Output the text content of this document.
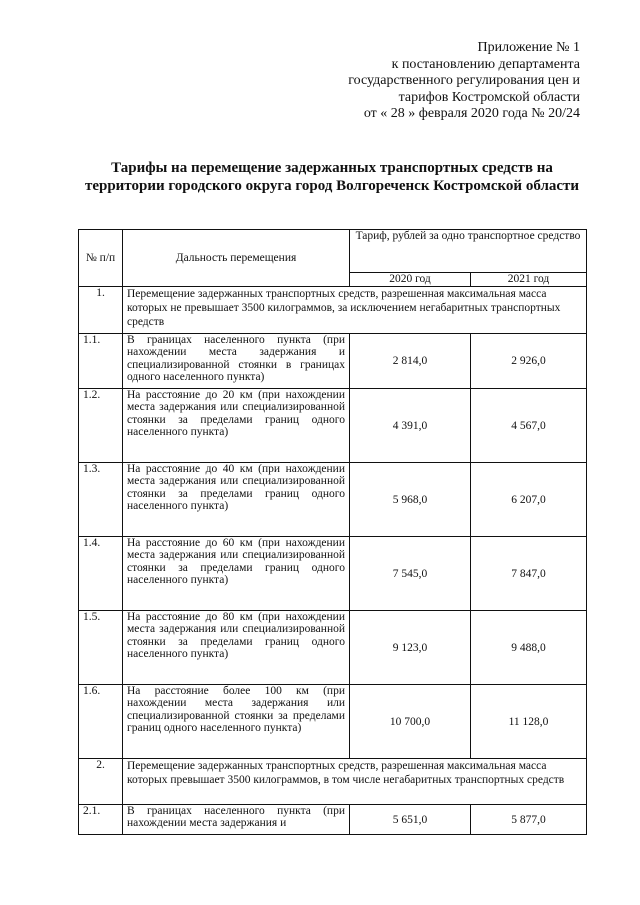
Приложение № 1
к постановлению департамента
государственного регулирования цен и
тарифов Костромской области
от « 28 » февраля 2020 года № 20/24
Тарифы на перемещение задержанных транспортных средств на территории городского округа город Волгореченск Костромской области
№ п/п	Дальность перемещения	Тариф, рублей за одно транспортное средство	
		2020 год	2021 год
1.	Перемещение задержанных транспортных средств, разрешенная максимальная масса которых не превышает 3500 килограммов, за исключением негабаритных транспортных средств		
1.1.	В границах населенного пункта (при нахождении места задержания и специализированной стоянки в границах одного населенного пункта)	2 814,0	2 926,0
1.2.	На расстояние до 20 км (при нахождении места задержания или специализированной стоянки за пределами границ одного населенного пункта)	4 391,0	4 567,0
1.3.	На расстояние до 40 км (при нахождении места задержания или специализированной стоянки за пределами границ одного населенного пункта)	5 968,0	6 207,0
1.4.	На расстояние до 60 км (при нахождении места задержания или специализированной стоянки за пределами границ одного населенного пункта)	7 545,0	7 847,0
1.5.	На расстояние до 80 км (при нахождении места задержания или специализированной стоянки за пределами границ одного населенного пункта)	9 123,0	9 488,0
1.6.	На расстояние более 100 км (при нахождении места задержания или специализированной стоянки за пределами границ одного населенного пункта)	10 700,0	11 128,0
2.	Перемещение задержанных транспортных средств, разрешенная максимальная масса которых превышает 3500 килограммов, в том числе негабаритных транспортных средств		
2.1.	В границах населенного пункта (при нахождении места задержания и	5 651,0	5 877,0
